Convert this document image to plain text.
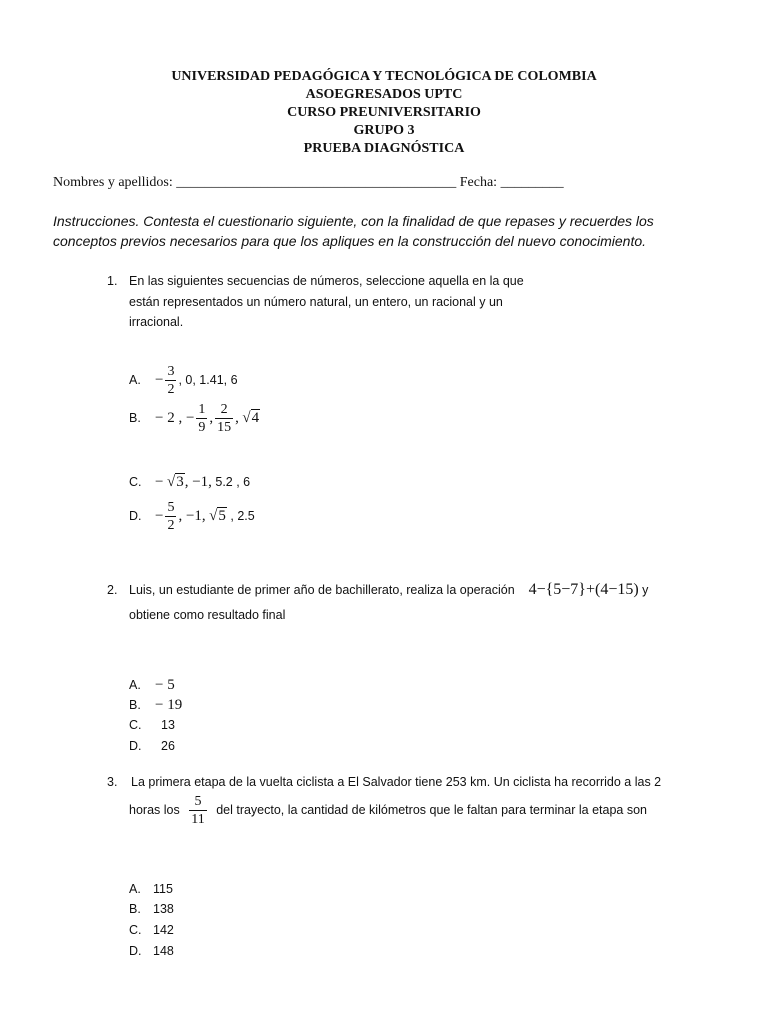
UNIVERSIDAD PEDAGÓGICA Y TECNOLÓGICA DE COLOMBIA
ASOEGRESADOS UPTC
CURSO PREUNIVERSITARIO
GRUPO 3
PRUEBA DIAGNÓSTICA
Nombres y apellidos: ________________________________________ Fecha: _________
Instrucciones. Contesta el cuestionario siguiente, con la finalidad de que repases y recuerdes los conceptos previos necesarios para que los apliques en la construcción del nuevo conocimiento.
1. En las siguientes secuencias de números, seleccione aquella en la que
están representados un número natural, un entero, un racional y un
irracional.
A. − $\frac{3}{2}$ , 0, 1.41, 6
B. − 2 , − $\frac{1}{9}$ , $\frac{2}{15}$ , √4
C. − √3, −1, 5.2 , 6
D. − $\frac{5}{2}$ , −1, √5 , 2.5
2. Luis, un estudiante de primer año de bachillerato, realiza la operación 4−{5−7}+(4−15) y
obtiene como resultado final
A. − 5
B. − 19
C. 13
D. 26
3. La primera etapa de la vuelta ciclista a El Salvador tiene 253 km. Un ciclista ha recorrido a las 2
horas los $\frac{5}{11}$ del trayecto, la cantidad de kilómetros que le faltan para terminar la etapa son
A. 115
B. 138
C. 142
D. 148
